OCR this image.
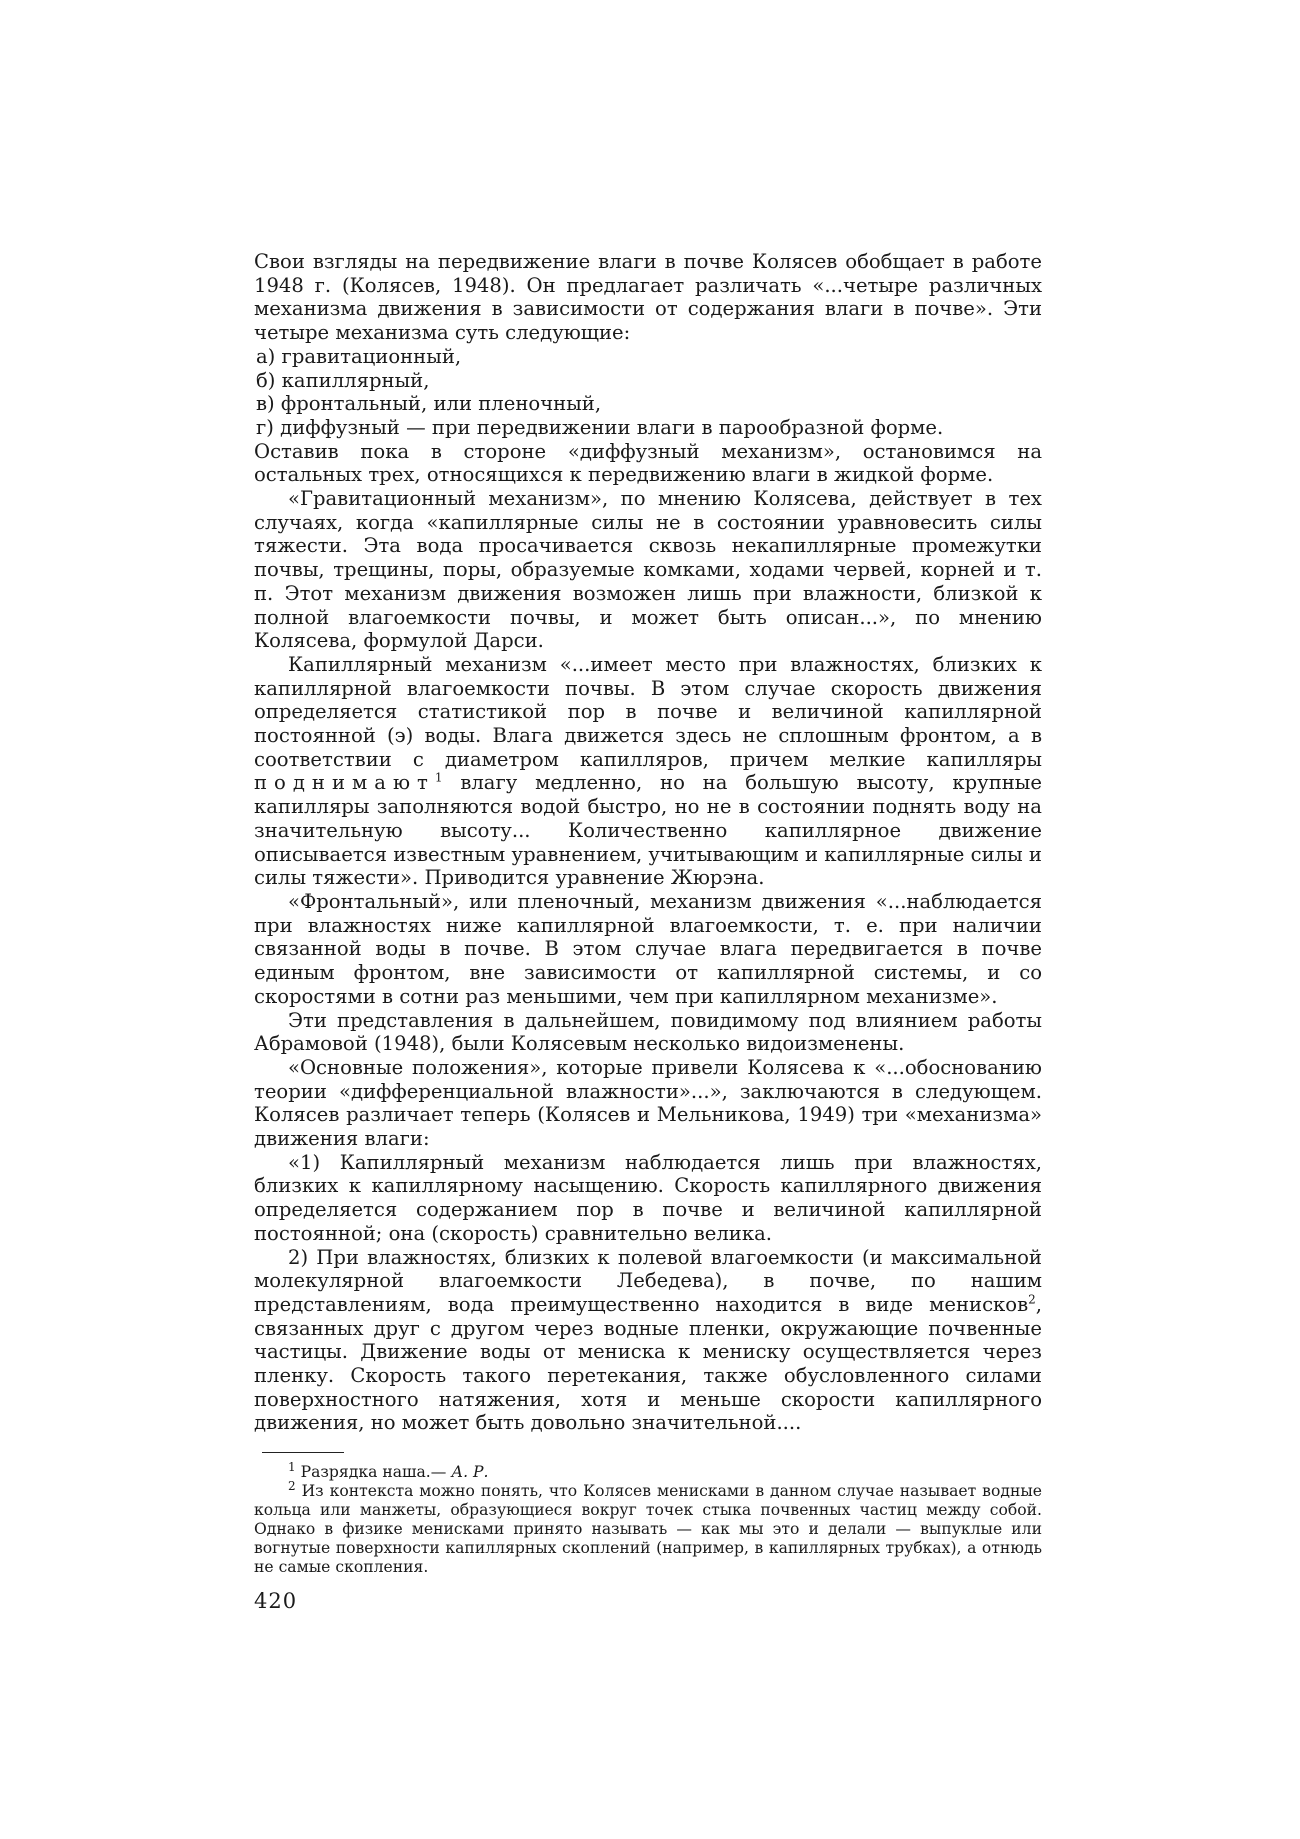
Свои взгляды на передвижение влаги в почве Колясев обобщает в работе 1948 г. (Колясев, 1948). Он предлагает различать «...четыре различных механизма движения в зависимости от содержания влаги в почве». Эти четыре механизма суть следующие:

а) гравитационный,
б) капиллярный,
в) фронтальный, или пленочный,
г) диффузный — при передвижении влаги в парообразной форме.

Оставив пока в стороне «диффузный механизм», остановимся на остальных трех, относящихся к передвижению влаги в жидкой форме.

«Гравитационный механизм», по мнению Колясева, действует в тех случаях, когда «капиллярные силы не в состоянии уравновесить силы тяжести. Эта вода просачивается сквозь некапиллярные промежутки почвы, трещины, поры, образуемые комками, ходами червей, корней и т. п. Этот механизм движения возможен лишь при влажности, близкой к полной влагоемкости почвы, и может быть описан...», по мнению Колясева, формулой Дарси.

Капиллярный механизм «...имеет место при влажностях, близких к капиллярной влагоемкости почвы. В этом случае скорость движения определяется статистикой пор в почве и величиной капиллярной постоянной (э) воды. Влага движется здесь не сплошным фронтом, а в соответствии с диаметром капилляров, причем мелкие капилляры поднимают$^1$ влагу медленно, но на большую высоту, крупные капилляры заполняются водой быстро, но не в состоянии поднять воду на значительную высоту... Количественно капиллярное движение описывается известным уравнением, учитывающим и капиллярные силы и силы тяжести». Приводится уравнение Жюрэна.

«Фронтальный», или пленочный, механизм движения «...наблюдается при влажностях ниже капиллярной влагоемкости, т. е. при наличии связанной воды в почве. В этом случае влага передвигается в почве единым фронтом, вне зависимости от капиллярной системы, и со скоростями в сотни раз меньшими, чем при капиллярном механизме».

Эти представления в дальнейшем, повидимому под влиянием работы Абрамовой (1948), были Колясевым несколько видоизменены.

«Основные положения», которые привели Колясева к «...обоснованию теории «дифференциальной влажности»...», заключаются в следующем. Колясев различает теперь (Колясев и Мельникова, 1949) три «механизма» движения влаги:

«1) Капиллярный механизм наблюдается лишь при влажностях, близких к капиллярному насыщению. Скорость капиллярного движения определяется содержанием пор в почве и величиной капиллярной постоянной; она (скорость) сравнительно велика.

2) При влажностях, близких к полевой влагоемкости (и максимальной молекулярной влагоемкости Лебедева), в почве, по нашим представлениям, вода преимущественно находится в виде менисков$^2$, связанных друг с другом через водные пленки, окружающие почвенные частицы. Движение воды от мениска к мениску осуществляется через пленку. Скорость такого перетекания, также обусловленного силами поверхностного натяжения, хотя и меньше скорости капиллярного движения, но может быть довольно значительной....

$^1$ Разрядка наша.— А. Р.

$^2$ Из контекста можно понять, что Колясев менисками в данном случае называет водные кольца или манжеты, образующиеся вокруг точек стыка почвенных частиц между собой. Однако в физике менисками принято называть — как мы это и делали — выпуклые или вогнутые поверхности капиллярных скоплений (например, в капиллярных трубках), а отнюдь не самые скопления.

420
